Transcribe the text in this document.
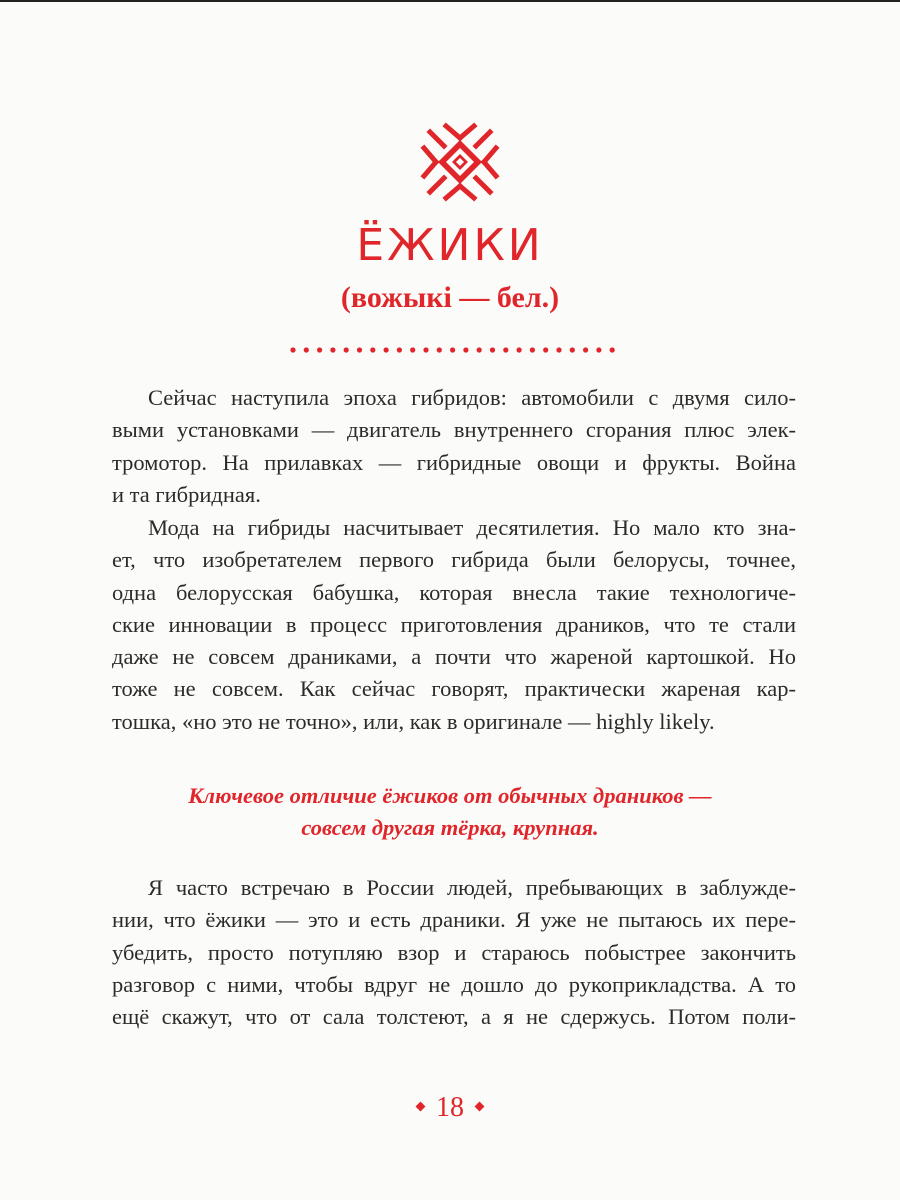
ЁЖИКИ
(вожыкі — бел.)

Сейчас наступила эпоха гибридов: автомобили с двумя сило-
выми установками — двигатель внутреннего сгорания плюс элек-
тромотор. На прилавках — гибридные овощи и фрукты. Война
и та гибридная.

Мода на гибриды насчитывает десятилетия. Но мало кто зна-
ет, что изобретателем первого гибрида были белорусы, точнее,
одна белорусская бабушка, которая внесла такие технологиче-
ские инновации в процесс приготовления драников, что те стали
даже не совсем драниками, а почти что жареной картошкой. Но
тоже не совсем. Как сейчас говорят, практически жареная кар-
тошка, «но это не точно», или, как в оригинале — highly likely.

Ключевое отличие ёжиков от обычных драников —
совсем другая тёрка, крупная.

Я часто встречаю в России людей, пребывающих в заблужде-
нии, что ёжики — это и есть драники. Я уже не пытаюсь их пере-
убедить, просто потупляю взор и стараюсь побыстрее закончить
разговор с ними, чтобы вдруг не дошло до рукоприкладства. А то
ещё скажут, что от сала толстеют, а я не сдержусь. Потом поли-

18
